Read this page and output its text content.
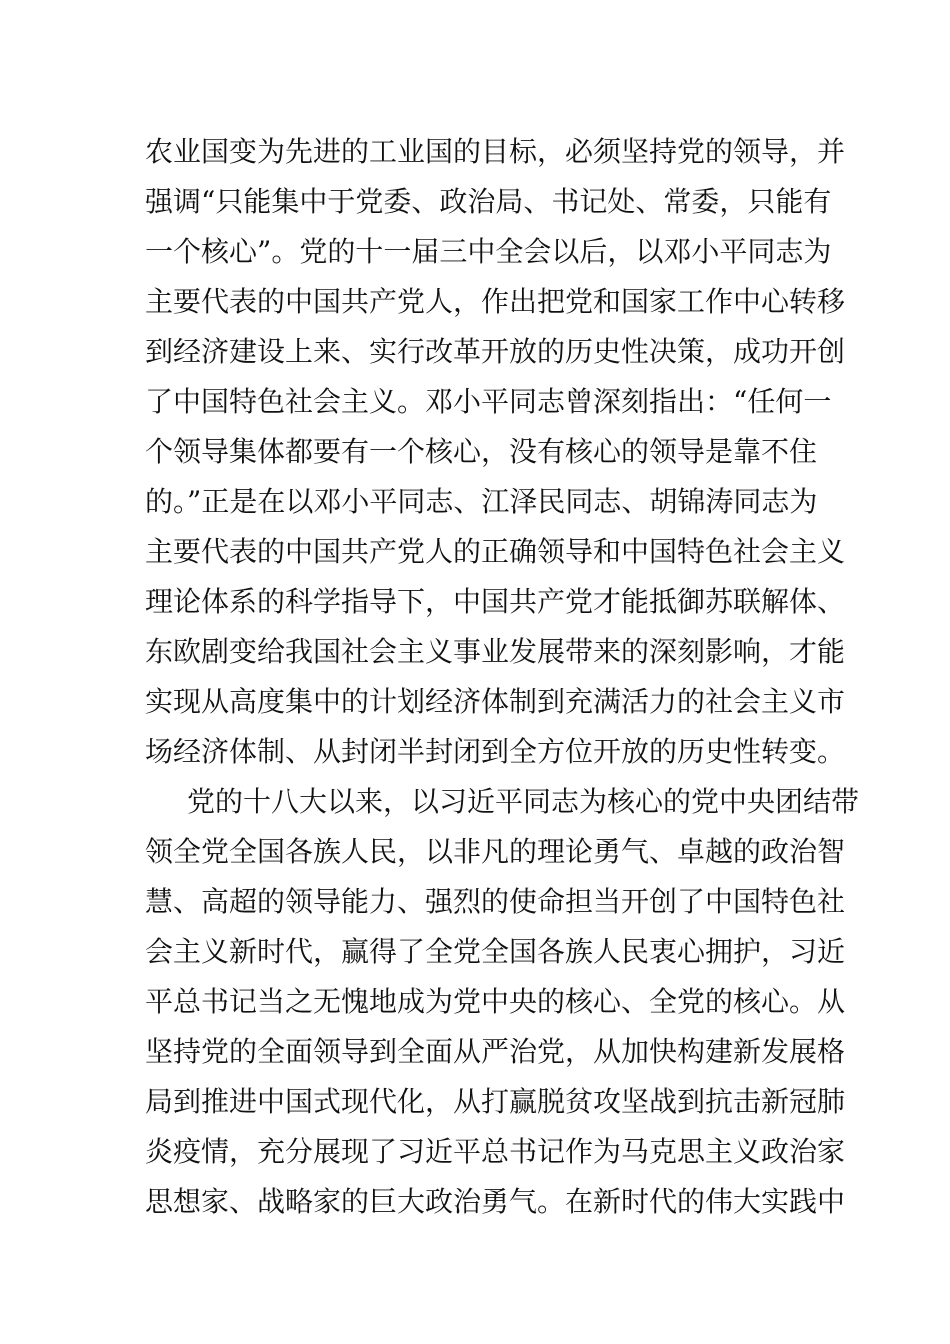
农业国变为先进的工业国的目标，必须坚持党的领导，并
强调“只能集中于党委、政治局、书记处、常委，只能有
一个核心”。党的十一届三中全会以后，以邓小平同志为
主要代表的中国共产党人，作出把党和国家工作中心转移
到经济建设上来、实行改革开放的历史性决策，成功开创
了中国特色社会主义。邓小平同志曾深刻指出：“任何一
个领导集体都要有一个核心，没有核心的领导是靠不住
的。”正是在以邓小平同志、江泽民同志、胡锦涛同志为
主要代表的中国共产党人的正确领导和中国特色社会主义
理论体系的科学指导下，中国共产党才能抵御苏联解体、
东欧剧变给我国社会主义事业发展带来的深刻影响，才能
实现从高度集中的计划经济体制到充满活力的社会主义市
场经济体制、从封闭半封闭到全方位开放的历史性转变。
党的十八大以来，以习近平同志为核心的党中央团结带
领全党全国各族人民，以非凡的理论勇气、卓越的政治智
慧、高超的领导能力、强烈的使命担当开创了中国特色社
会主义新时代，赢得了全党全国各族人民衷心拥护，习近
平总书记当之无愧地成为党中央的核心、全党的核心。从
坚持党的全面领导到全面从严治党，从加快构建新发展格
局到推进中国式现代化，从打赢脱贫攻坚战到抗击新冠肺
炎疫情，充分展现了习近平总书记作为马克思主义政治家
思想家、战略家的巨大政治勇气。在新时代的伟大实践中
